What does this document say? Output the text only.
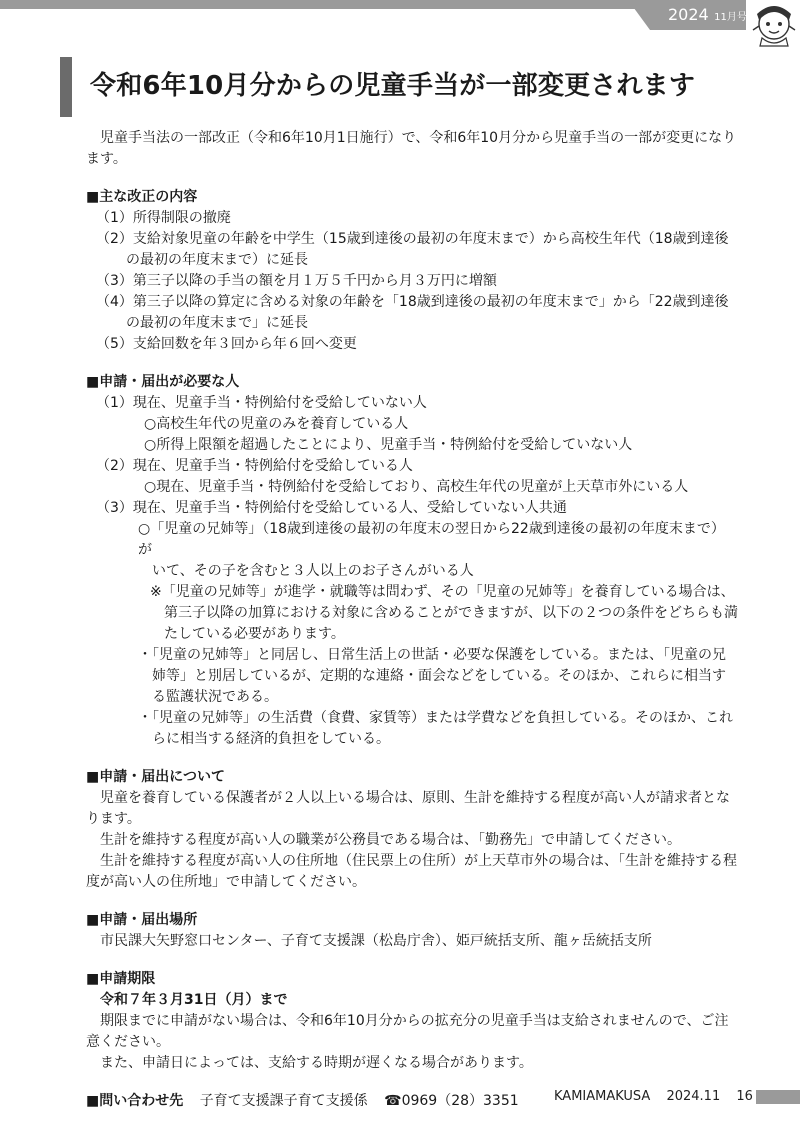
2024 11月号
令和6年10月分からの児童手当が一部変更されます

児童手当法の一部改正（令和6年10月1日施行）で、令和6年10月分から児童手当の一部が変更になります。

■主な改正の内容
（1）所得制限の撤廃
（2）支給対象児童の年齢を中学生（15歳到達後の最初の年度末まで）から高校生年代（18歳到達後の最初の年度末まで）に延長
（3）第三子以降の手当の額を月１万５千円から月３万円に増額
（4）第三子以降の算定に含める対象の年齢を「18歳到達後の最初の年度末まで」から「22歳到達後の最初の年度末まで」に延長
（5）支給回数を年３回から年６回へ変更
■申請・届出が必要な人
（1）現在、児童手当・特例給付を受給していない人
○高校生年代の児童のみを養育している人
○所得上限額を超過したことにより、児童手当・特例給付を受給していない人
（2）現在、児童手当・特例給付を受給している人
○現在、児童手当・特例給付を受給しており、高校生年代の児童が上天草市外にいる人
（3）現在、児童手当・特例給付を受給している人、受給していない人共通
○「児童の兄姉等」（18歳到達後の最初の年度末の翌日から22歳到達後の最初の年度末まで）が
いて、その子を含むと３人以上のお子さんがいる人
※「児童の兄姉等」が進学・就職等は問わず、その「児童の兄姉等」を養育している場合は、第三子以降の加算における対象に含めることができますが、以下の２つの条件をどちらも満たしている必要があります。
・「児童の兄姉等」と同居し、日常生活上の世話・必要な保護をしている。または、「児童の兄姉等」と別居しているが、定期的な連絡・面会などをしている。そのほか、これらに相当する監護状況である。
・「児童の兄姉等」の生活費（食費、家賃等）または学費などを負担している。そのほか、これらに相当する経済的負担をしている。
■申請・届出について
児童を養育している保護者が２人以上いる場合は、原則、生計を維持する程度が高い人が請求者となります。
生計を維持する程度が高い人の職業が公務員である場合は、「勤務先」で申請してください。
生計を維持する程度が高い人の住所地（住民票上の住所）が上天草市外の場合は、「生計を維持する程度が高い人の住所地」で申請してください。
■申請・届出場所
市民課大矢野窓口センター、子育て支援課（松島庁舎）、姫戸統括支所、龍ヶ岳統括支所
■申請期限
令和７年３月31日（月）まで
期限までに申請がない場合は、令和6年10月分からの拡充分の児童手当は支給されませんので、ご注意ください。
また、申請日によっては、支給する時期が遅くなる場合があります。
■問い合わせ先 子育て支援課子育て支援係 ☎0969（28）3351	KAMIAMAKUSA 2024.11 16
